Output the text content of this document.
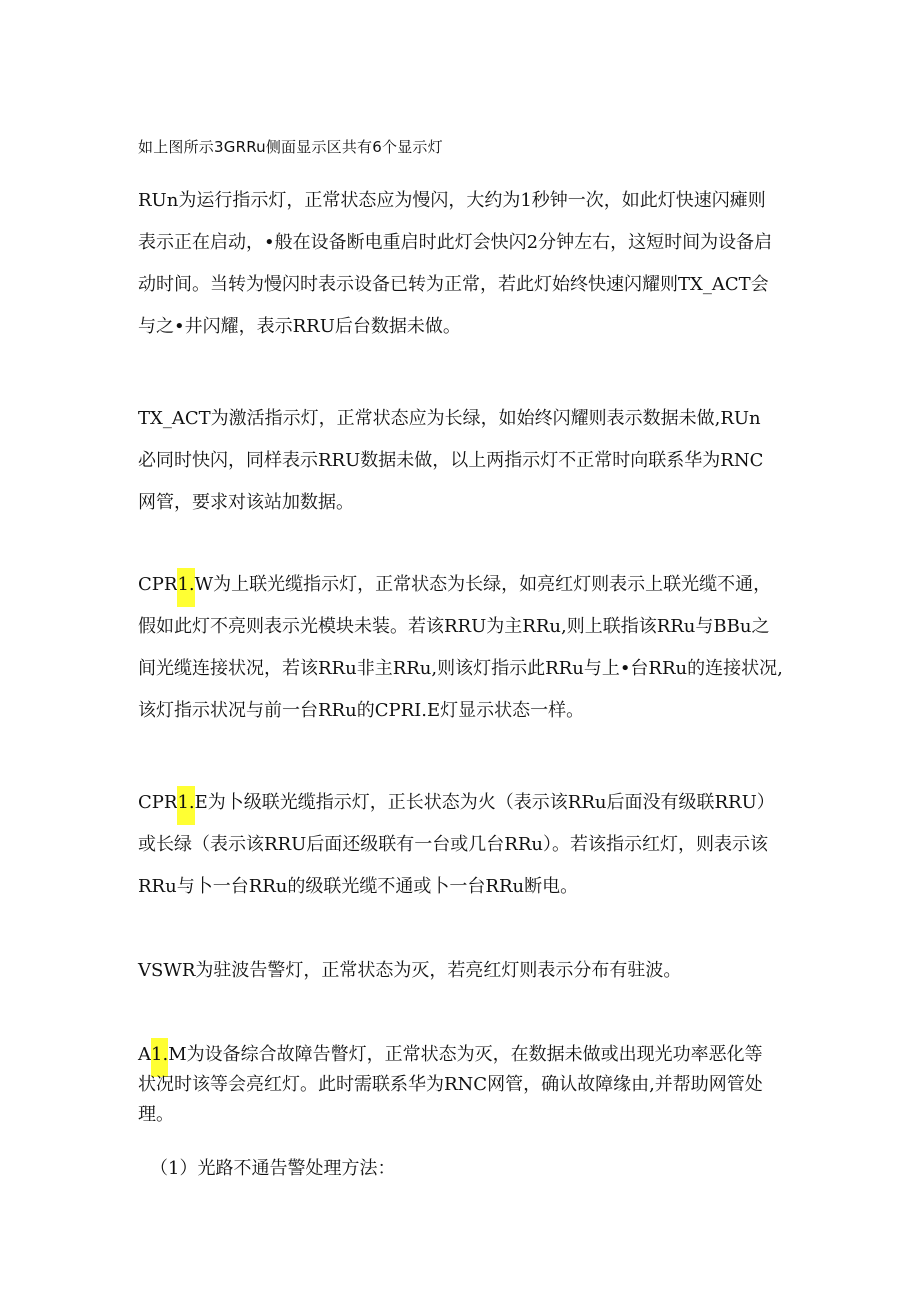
如上图所示3GRRu侧面显示区共有6个显示灯
RUn为运行指示灯，正常状态应为慢闪，大约为1秒钟一次，如此灯快速闪瘫则
表示正在启动，•般在设备断电重启时此灯会快闪2分钟左右，这短时间为设备启
动时间。当转为慢闪时表示设备已转为正常，若此灯始终快速闪耀则TX_ACT会
与之•井闪耀，表示RRU后台数据未做。
TX_ACT为激活指示灯，正常状态应为长绿，如始终闪耀则表示数据未做,RUn
必同时快闪，同样表示RRU数据未做，以上两指示灯不正常时向联系华为RNC
网管，要求对该站加数据。
CPR1.W为上联光缆指示灯，正常状态为长绿，如亮红灯则表示上联光缆不通，
假如此灯不亮则表示光模块未装。若该RRU为主RRu,则上联指该RRu与BBu之
间光缆连接状况，若该RRu非主RRu,则该灯指示此RRu与上•台RRu的连接状况,
该灯指示状况与前一台RRu的CPRI.E灯显示状态一样。
CPR1.E为卜级联光缆指示灯，正长状态为火（表示该RRu后面没有级联RRU）
或长绿（表示该RRU后面还级联有一台或几台RRu）。若该指示红灯，则表示该
RRu与卜一台RRu的级联光缆不通或卜一台RRu断电。
VSWR为驻波告警灯，正常状态为灭，若亮红灯则表示分布有驻波。
A1.M为设备综合故障告瞥灯，正常状态为灭，在数据未做或出现光功率恶化等
状况时该等会亮红灯。此时需联系华为RNC网管，确认故障缘由,并帮助网管处
理。
（1）光路不通告警处理方法：
